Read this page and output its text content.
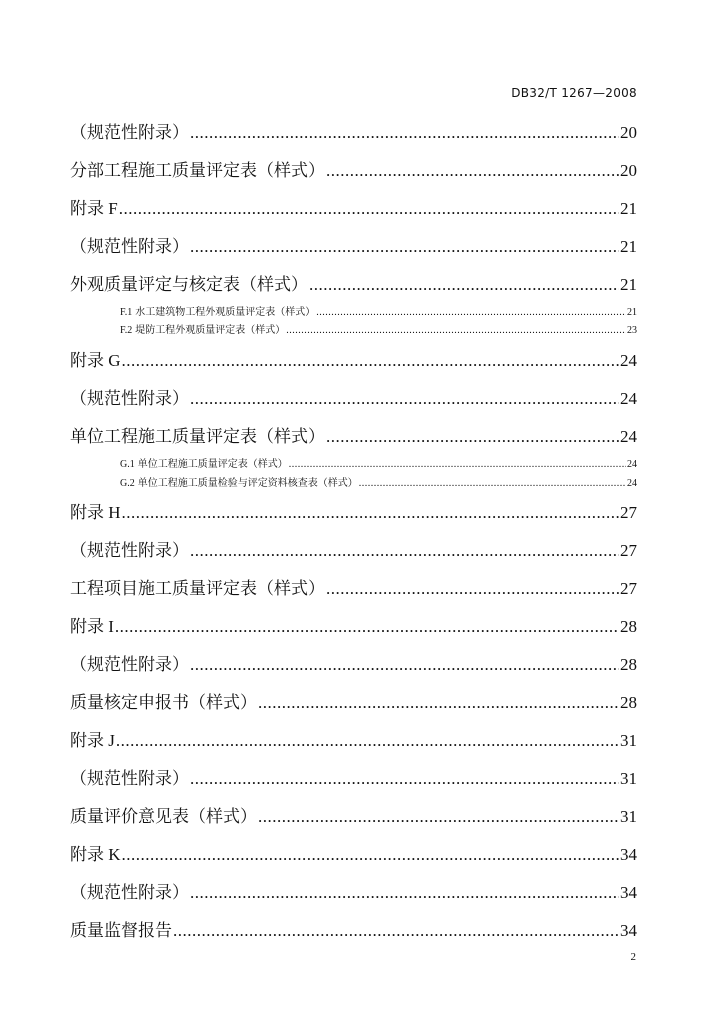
DB32/T 1267—2008
（规范性附录） .....	20
分部工程施工质量评定表（样式） .....	20
附录 F .....	21
（规范性附录） .....	21
外观质量评定与核定表（样式） .....	21
F.1 水工建筑物工程外观质量评定表（样式） .....	21
F.2 堤防工程外观质量评定表（样式） .....	23
附录 G .....	24
（规范性附录） .....	24
单位工程施工质量评定表（样式） .....	24
G.1 单位工程施工质量评定表（样式） .....	24
G.2 单位工程施工质量检验与评定资料核查表（样式） .....	24
附录 H .....	27
（规范性附录） .....	27
工程项目施工质量评定表（样式） .....	27
附录 I .....	28
（规范性附录） .....	28
质量核定申报书（样式） .....	28
附录 J .....	31
（规范性附录） .....	31
质量评价意见表（样式） .....	31
附录 K .....	34
（规范性附录） .....	34
质量监督报告 .....	34
2
